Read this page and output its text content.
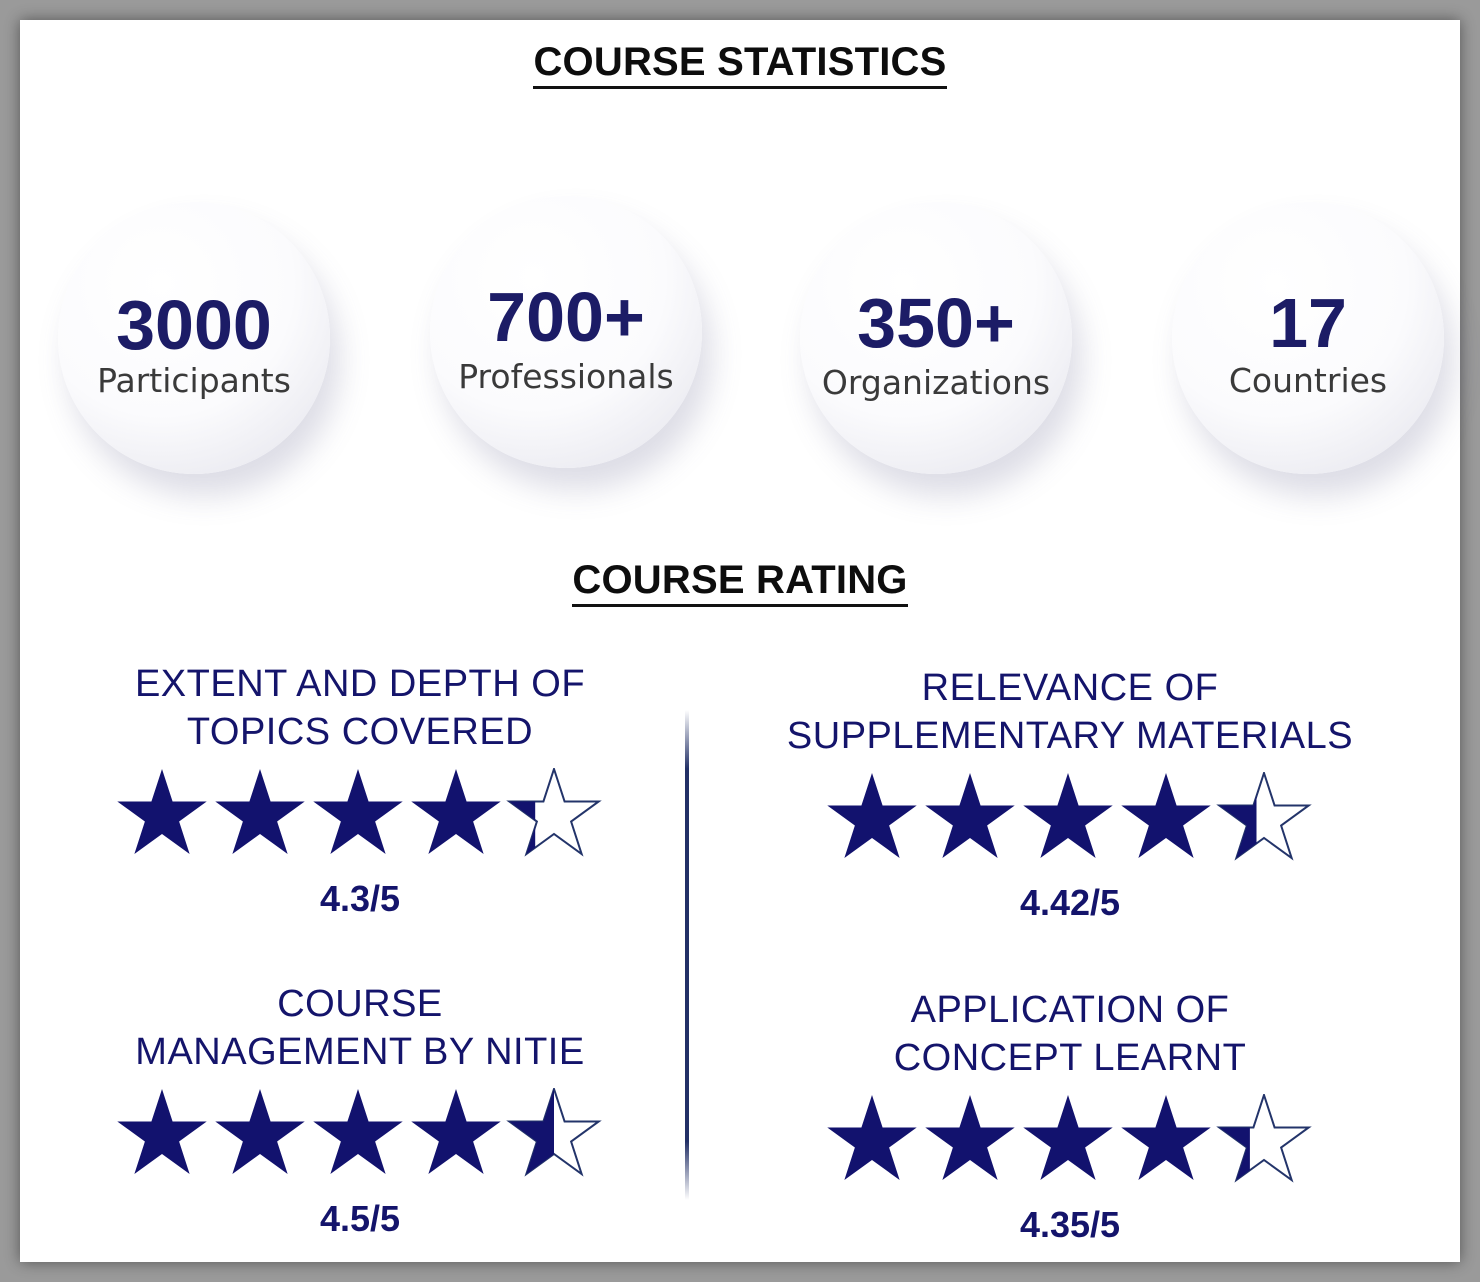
COURSE STATISTICS
3000
Participants
700+
Professionals
350+
Organizations
17
Countries
COURSE RATING
EXTENT AND DEPTH OF
TOPICS COVERED
4.3/5
RELEVANCE OF
SUPPLEMENTARY MATERIALS
4.42/5
COURSE
MANAGEMENT BY NITIE
4.5/5
APPLICATION OF
CONCEPT LEARNT
4.35/5
